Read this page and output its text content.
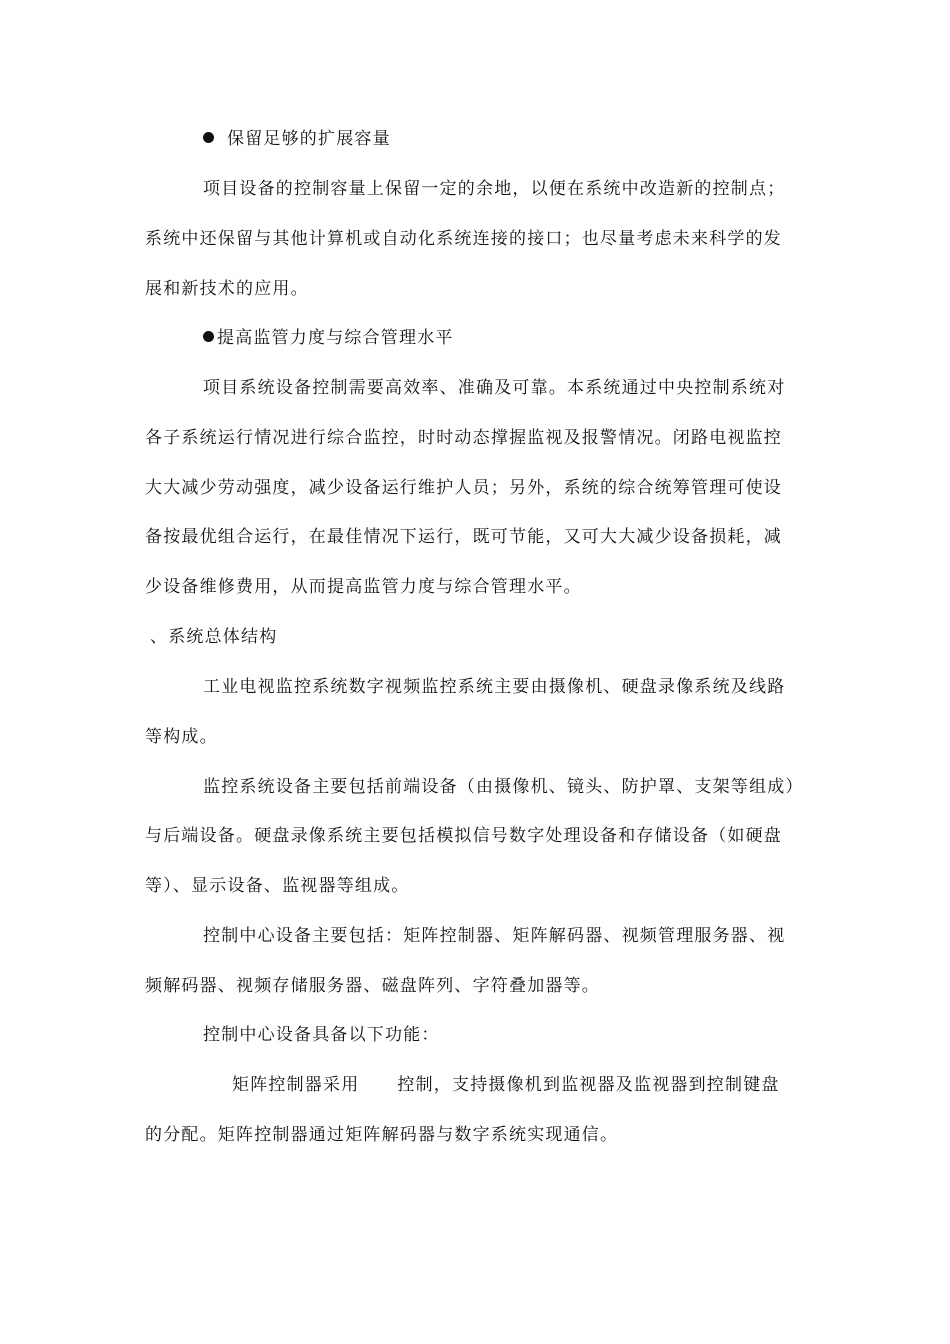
保留足够的扩展容量
项目设备的控制容量上保留一定的余地，以便在系统中改造新的控制点；
系统中还保留与其他计算机或自动化系统连接的接口；也尽量考虑未来科学的发
展和新技术的应用。
提高监管力度与综合管理水平
项目系统设备控制需要高效率、准确及可靠。本系统通过中央控制系统对
各子系统运行情况进行综合监控，时时动态撑握监视及报警情况。闭路电视监控
大大减少劳动强度，减少设备运行维护人员；另外，系统的综合统筹管理可使设
备按最优组合运行，在最佳情况下运行，既可节能，又可大大减少设备损耗，减
少设备维修费用，从而提高监管力度与综合管理水平。
、系统总体结构
工业电视监控系统数字视频监控系统主要由摄像机、硬盘录像系统及线路
等构成。
监控系统设备主要包括前端设备（由摄像机、镜头、防护罩、支架等组成）
与后端设备。硬盘录像系统主要包括模拟信号数字处理设备和存储设备（如硬盘
等）、显示设备、监视器等组成。
控制中心设备主要包括：矩阵控制器、矩阵解码器、视频管理服务器、视
频解码器、视频存储服务器、磁盘阵列、字符叠加器等。
控制中心设备具备以下功能：
矩阵控制器采用 控制，支持摄像机到监视器及监视器到控制键盘
的分配。矩阵控制器通过矩阵解码器与数字系统实现通信。
